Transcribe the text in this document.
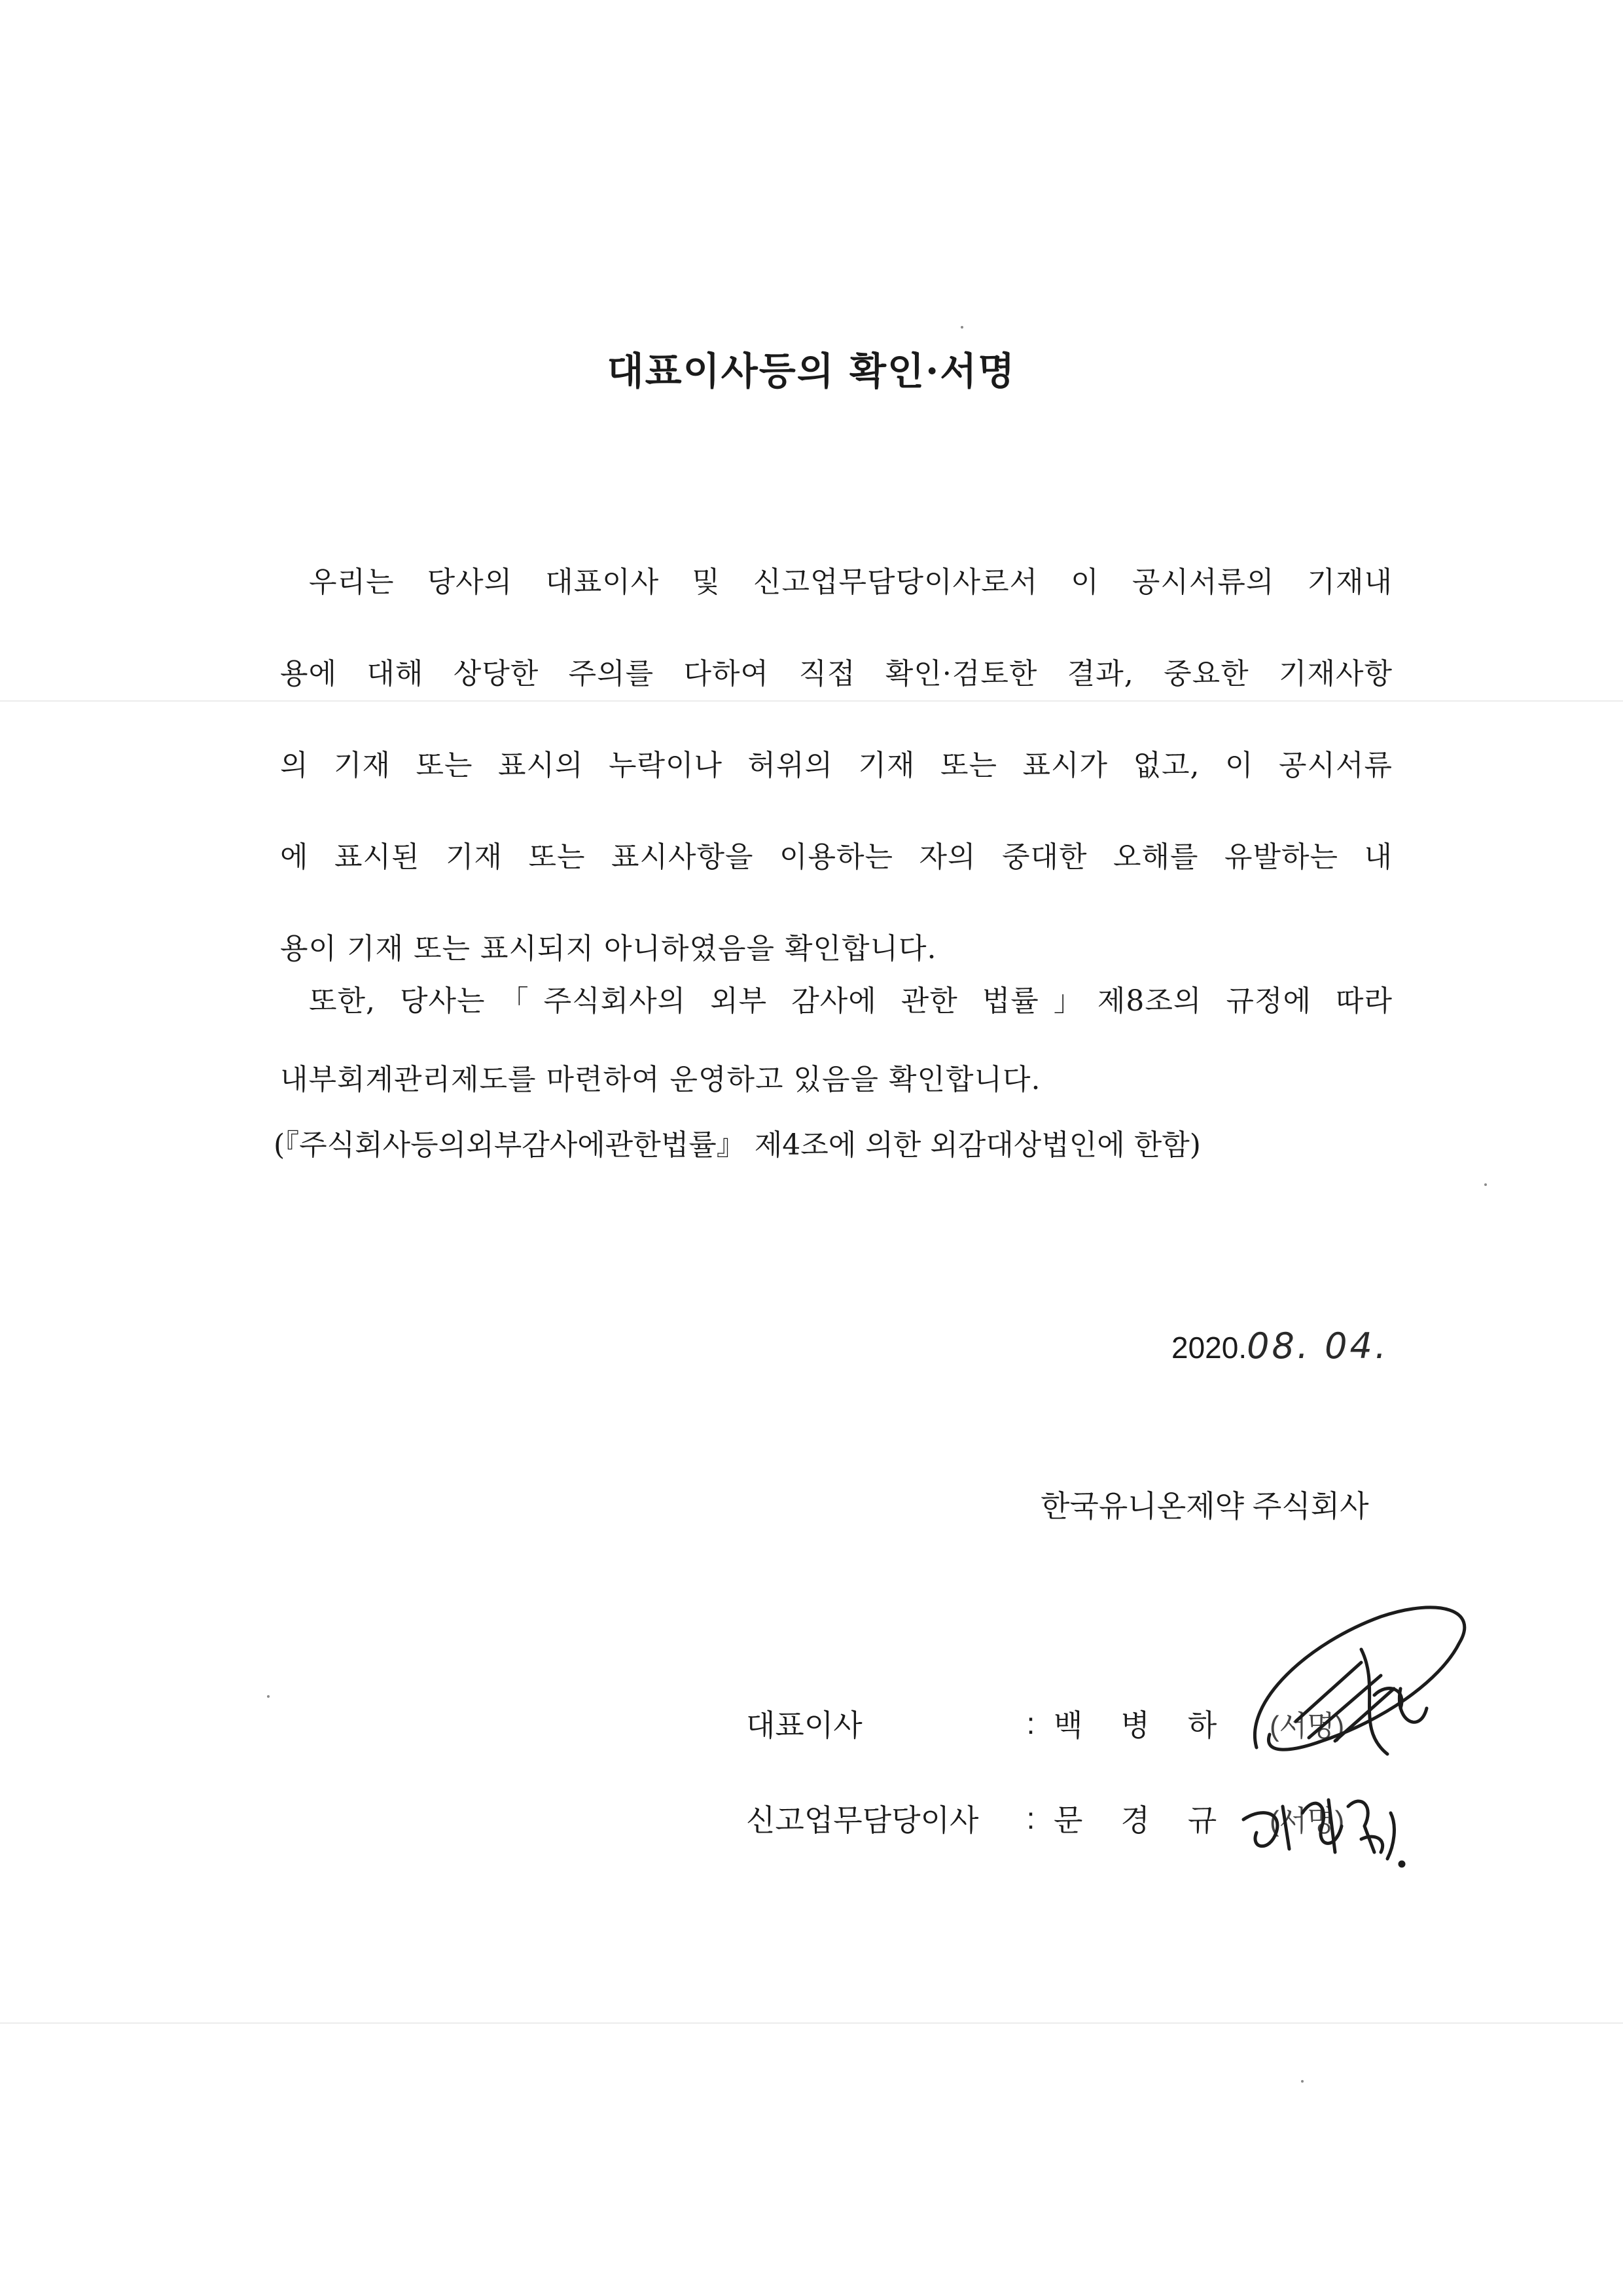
대표이사등의 확인·서명
우리는 당사의 대표이사 및 신고업무담당이사로서 이 공시서류의 기재내
용에 대해 상당한 주의를 다하여 직접 확인·검토한 결과, 중요한 기재사항
의 기재 또는 표시의 누락이나 허위의 기재 또는 표시가 없고, 이 공시서류
에 표시된 기재 또는 표시사항을 이용하는 자의 중대한 오해를 유발하는 내
용이 기재 또는 표시되지 아니하였음을 확인합니다.
또한, 당사는「주식회사의 외부 감사에 관한 법률」제8조의 규정에 따라
내부회계관리제도를 마련하여 운영하고 있음을 확인합니다.
(『주식회사등의외부감사에관한법률』 제4조에 의한 외감대상법인에 한함)
2020.08. 04.
한국유니온제약 주식회사
대표이사	: 백병하 (서명)
신고업무담당이사	: 문경규 (서명)
